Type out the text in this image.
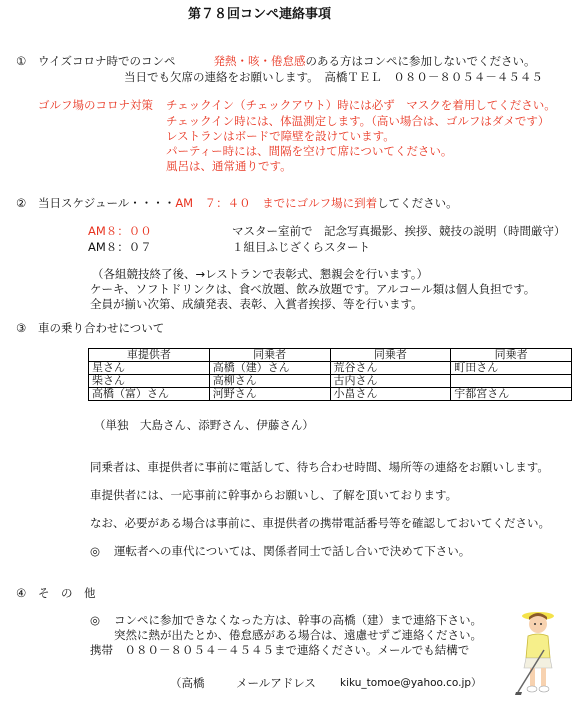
第７８回コンペ連絡事項
① ウイズコロナ時でのコンペ	発熱・咳・倦怠感のある方はコンペに参加しないでください。
当日でも欠席の連絡をお願いします。　高橋ＴＥＬ　０８０－８０５４－４５４５
ゴルフ場のコロナ対策 チェックイン（チェックアウト）時には必ず　マスクを着用してください。
チェックイン時には、体温測定します。（高い場合は、ゴルフはダメです）
レストランはボードで障壁を設けています。
パーティー時には、間隔を空けて席についてください。
風呂は、通常通りです。
② 当日スケジュール・・・・AM　７：４０　までにゴルフ場に到着してください。
AM８：００	マスター室前で　記念写真撮影、挨拶、競技の説明（時間厳守）
AM８：０７	１組目ふじざくらスタート
（各組競技終了後、→レストランで表彰式、懇親会を行います。）
ケーキ、ソフトドリンクは、食べ放題、飲み放題です。アルコール類は個人負担です。
全員が揃い次第、成績発表、表彰、入賞者挨拶、等を行います。
③ 車の乗り合わせについて
車提供者	同乗者	同乗者	同乗者
星さん	高橋（建）さん	荒谷さん	町田さん
柴さん	高柳さん	古内さん	
高橋（富）さん	河野さん	小畠さん	宇都宮さん
（単独　大島さん、添野さん、伊藤さん）
同乗者は、車提供者に事前に電話して、待ち合わせ時間、場所等の連絡をお願いします。
車提供者には、一応事前に幹事からお願いし、了解を頂いております。
なお、必要がある場合は事前に、車提供者の携帯電話番号等を確認しておいてください。
◎ 運転者への車代については、関係者同士で話し合いで決めて下さい。
④ そ　の　他
◎ コンペに参加できなくなった方は、幹事の高橋（建）まで連絡下さい。
突然に熱が出たとか、倦怠感がある場合は、遠慮せずご連絡ください。
携帯　０８０－８０５４－４５４５まで連絡ください。メールでも結構で
（高橋	メールアドレス kiku_tomoe@yahoo.co.jp）
